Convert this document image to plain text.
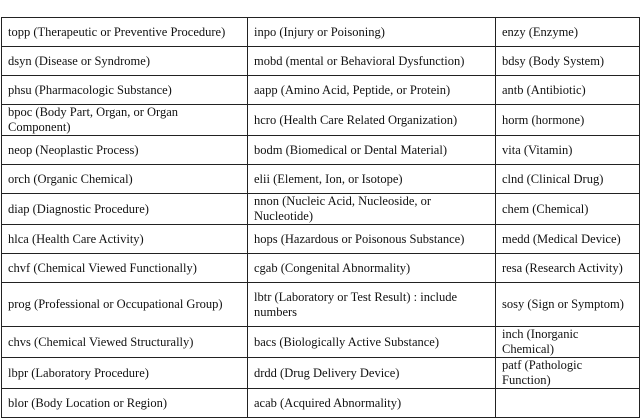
topp (Therapeutic or Preventive Procedure)	inpo (Injury or Poisoning)	enzy (Enzyme)
dsyn (Disease or Syndrome)	mobd (mental or Behavioral Dysfunction)	bdsy (Body System)
phsu (Pharmacologic Substance)	aapp (Amino Acid, Peptide, or Protein)	antb (Antibiotic)
bpoc (Body Part, Organ, or Organ Component)	hcro (Health Care Related Organization)	horm (hormone)
neop (Neoplastic Process)	bodm (Biomedical or Dental Material)	vita (Vitamin)
orch (Organic Chemical)	elii (Element, Ion, or Isotope)	clnd (Clinical Drug)
diap (Diagnostic Procedure)	nnon (Nucleic Acid, Nucleoside, or Nucleotide)	chem (Chemical)
hlca (Health Care Activity)	hops (Hazardous or Poisonous Substance)	medd (Medical Device)
chvf (Chemical Viewed Functionally)	cgab (Congenital Abnormality)	resa (Research Activity)
prog (Professional or Occupational Group)	lbtr (Laboratory or Test Result) : include numbers	sosy (Sign or Symptom)
chvs (Chemical Viewed Structurally)	bacs (Biologically Active Substance)	inch (Inorganic Chemical)
lbpr (Laboratory Procedure)	drdd (Drug Delivery Device)	patf (Pathologic Function)
blor (Body Location or Region)	acab (Acquired Abnormality)	
